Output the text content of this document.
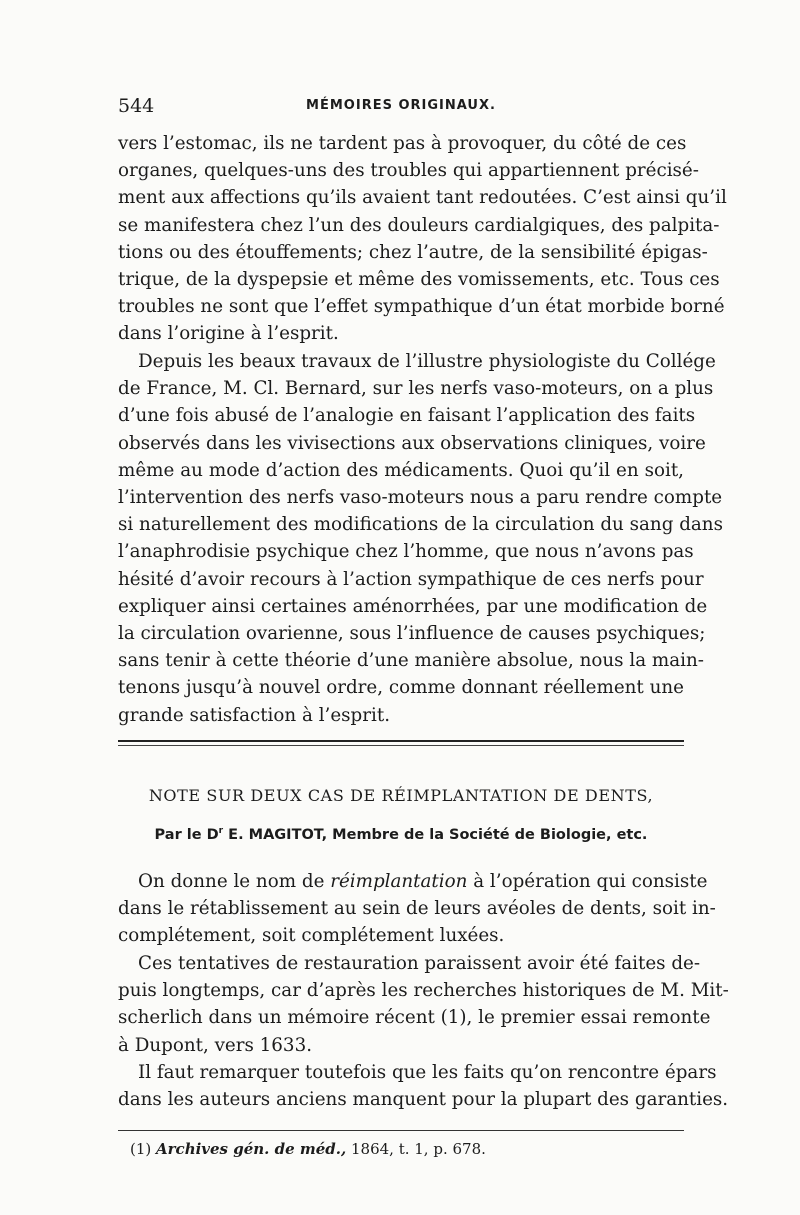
544	MÉMOIRES ORIGINAUX.
vers l’estomac, ils ne tardent pas à provoquer, du côté de ces
organes, quelques-uns des troubles qui appartiennent précisé-
ment aux affections qu’ils avaient tant redoutées. C’est ainsi qu’il
se manifestera chez l’un des douleurs cardialgiques, des palpita-
tions ou des étouffements; chez l’autre, de la sensibilité épigas-
trique, de la dyspepsie et même des vomissements, etc. Tous ces
troubles ne sont que l’effet sympathique d’un état morbide borné
dans l’origine à l’esprit.
Depuis les beaux travaux de l’illustre physiologiste du Collége
de France, M. Cl. Bernard, sur les nerfs vaso-moteurs, on a plus
d’une fois abusé de l’analogie en faisant l’application des faits
observés dans les vivisections aux observations cliniques, voire
même au mode d’action des médicaments. Quoi qu’il en soit,
l’intervention des nerfs vaso-moteurs nous a paru rendre compte
si naturellement des modifications de la circulation du sang dans
l’anaphrodisie psychique chez l’homme, que nous n’avons pas
hésité d’avoir recours à l’action sympathique de ces nerfs pour
expliquer ainsi certaines aménorrhées, par une modification de
la circulation ovarienne, sous l’influence de causes psychiques;
sans tenir à cette théorie d’une manière absolue, nous la main-
tenons jusqu’à nouvel ordre, comme donnant réellement une
grande satisfaction à l’esprit.
NOTE SUR DEUX CAS DE RÉIMPLANTATION DE DENTS,
Par le $D^r$ E. MAGITOT, Membre de la Société de Biologie, etc.
On donne le nom de réimplantation à l’opération qui consiste
dans le rétablissement au sein de leurs avéoles de dents, soit in-
complétement, soit complétement luxées.
Ces tentatives de restauration paraissent avoir été faites de-
puis longtemps, car d’après les recherches historiques de M. Mit-
scherlich dans un mémoire récent (1), le premier essai remonte
à Dupont, vers 1633.
Il faut remarquer toutefois que les faits qu’on rencontre épars
dans les auteurs anciens manquent pour la plupart des garanties.
(1) Archives gén. de méd., 1864, t. 1, p. 678.
